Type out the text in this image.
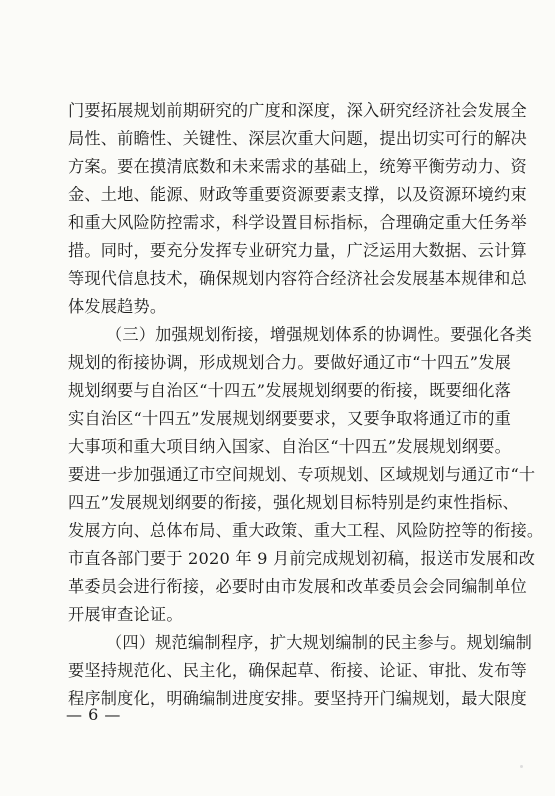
门要拓展规划前期研究的广度和深度，深入研究经济社会发展全
局性、前瞻性、关键性、深层次重大问题，提出切实可行的解决
方案。要在摸清底数和未来需求的基础上，统筹平衡劳动力、资
金、土地、能源、财政等重要资源要素支撑，以及资源环境约束
和重大风险防控需求，科学设置目标指标，合理确定重大任务举
措。同时，要充分发挥专业研究力量，广泛运用大数据、云计算
等现代信息技术，确保规划内容符合经济社会发展基本规律和总
体发展趋势。
（三）加强规划衔接，增强规划体系的协调性。要强化各类
规划的衔接协调，形成规划合力。要做好通辽市“十四五”发展
规划纲要与自治区“十四五”发展规划纲要的衔接，既要细化落
实自治区“十四五”发展规划纲要要求，又要争取将通辽市的重
大事项和重大项目纳入国家、自治区“十四五”发展规划纲要。
要进一步加强通辽市空间规划、专项规划、区域规划与通辽市“十
四五”发展规划纲要的衔接，强化规划目标特别是约束性指标、
发展方向、总体布局、重大政策、重大工程、风险防控等的衔接。
市直各部门要于 2020 年 9 月前完成规划初稿，报送市发展和改
革委员会进行衔接，必要时由市发展和改革委员会会同编制单位
开展审查论证。
（四）规范编制程序，扩大规划编制的民主参与。规划编制
要坚持规范化、民主化，确保起草、衔接、论证、审批、发布等
程序制度化，明确编制进度安排。要坚持开门编规划，最大限度
— 6 —
